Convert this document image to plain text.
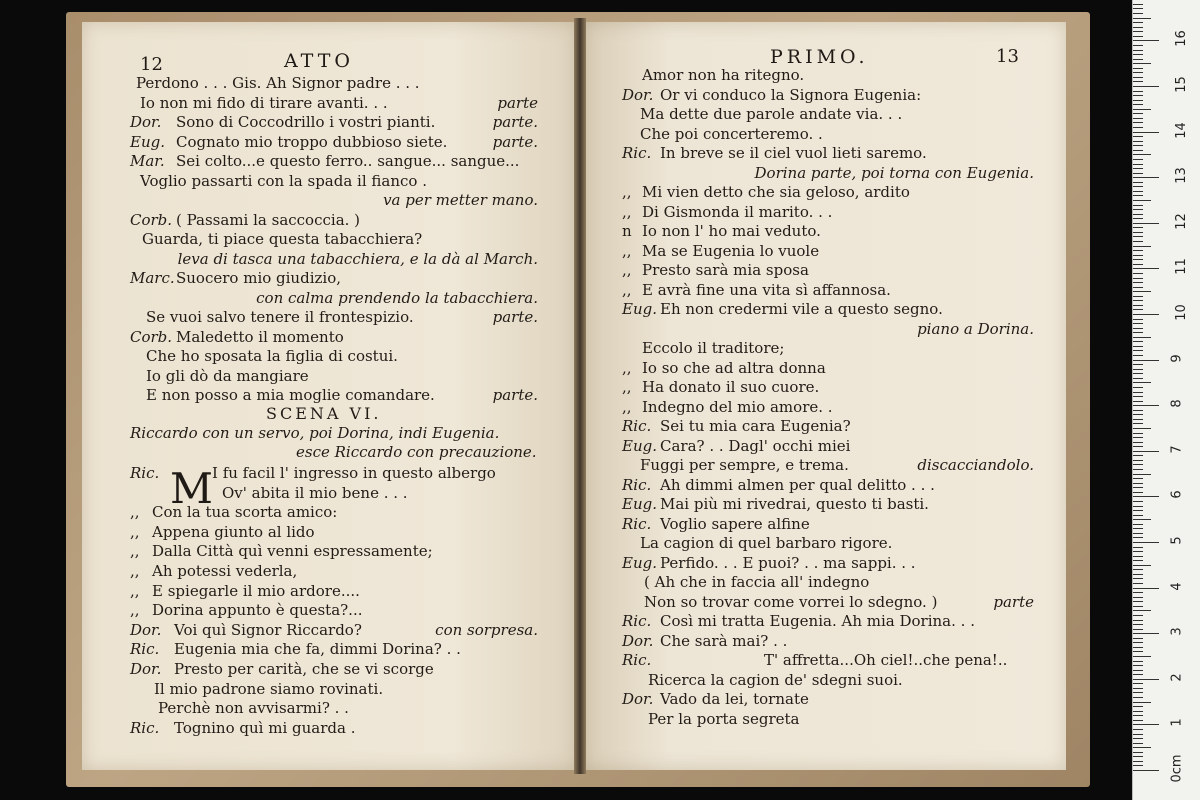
12	ATTO
SCENA VI.
Riccardo con un servo, poi Dorina, indi Eugenia.
esce Riccardo con precauzione.
M
PRIMO.	13
0cm
1
2
3
4
5
6
7
8
9
10
11
12
13
14
15
16
Perdono . . . Gis. Ah Signor padre . . .
Io non mi fido di tirare avanti. . .	parte
Dor. Sono di Coccodrillo i vostri pianti.	parte.
Eug. Cognato mio troppo dubbioso siete.	parte.
Mar. Sei colto...e questo ferro.. sangue... sangue...
Voglio passarti con la spada il fianco .
va per metter mano.
Corb. ( Passami la saccoccia. )
Guarda, ti piace questa tabacchiera?
leva di tasca una tabacchiera, e la dà al March.
Marc. Suocero mio giudizio,
con calma prendendo la tabacchiera.
Se vuoi salvo tenere il frontespizio.	parte.
Corb. Maledetto il momento
Che ho sposata la figlia di costui.
Io gli dò da mangiare
E non posso a mia moglie comandare.	parte.
Ric.	I fu facil l' ingresso in questo albergo
Ov' abita il mio bene . . .
,, Con la tua scorta amico:
,, Appena giunto al lido
,, Dalla Città quì venni espressamente;
,, Ah potessi vederla,
,, E spiegarle il mio ardore....
,, Dorina appunto è questa?...
Dor. Voi quì Signor Riccardo?	con sorpresa.
Ric. Eugenia mia che fa, dimmi Dorina? . .
Dor. Presto per carità, che se vi scorge
Il mio padrone siamo rovinati.
Perchè non avvisarmi? . .
Ric. Tognino quì mi guarda .
Amor non ha ritegno.
Dor. Or vi conduco la Signora Eugenia:
Ma dette due parole andate via. . .
Che poi concerteremo. .
Ric. In breve se il ciel vuol lieti saremo.
Dorina parte, poi torna con Eugenia.
,, Mi vien detto che sia geloso, ardito
,, Di Gismonda il marito. . .
n Io non l' ho mai veduto.
,, Ma se Eugenia lo vuole
,, Presto sarà mia sposa
,, E avrà fine una vita sì affannosa.
Eug. Eh non credermi vile a questo segno.
piano a Dorina.
Eccolo il traditore;
,, Io so che ad altra donna
,, Ha donato il suo cuore.
,, Indegno del mio amore. .
Ric. Sei tu mia cara Eugenia?
Eug. Cara? . . Dagl' occhi miei
Fuggi per sempre, e trema.	discacciandolo.
Ric. Ah dimmi almen per qual delitto . . .
Eug. Mai più mi rivedrai, questo ti basti.
Ric. Voglio sapere alfine
La cagion di quel barbaro rigore.
Eug. Perfido. . . E puoi? . . ma sappi. . .
( Ah che in faccia all' indegno
Non so trovar come vorrei lo sdegno. )	parte
Ric. Così mi tratta Eugenia. Ah mia Dorina. . .
Dor. Che sarà mai? . .
Ric.	T' affretta...Oh ciel!..che pena!..
Ricerca la cagion de' sdegni suoi.
Dor. Vado da lei, tornate
Per la porta segreta
